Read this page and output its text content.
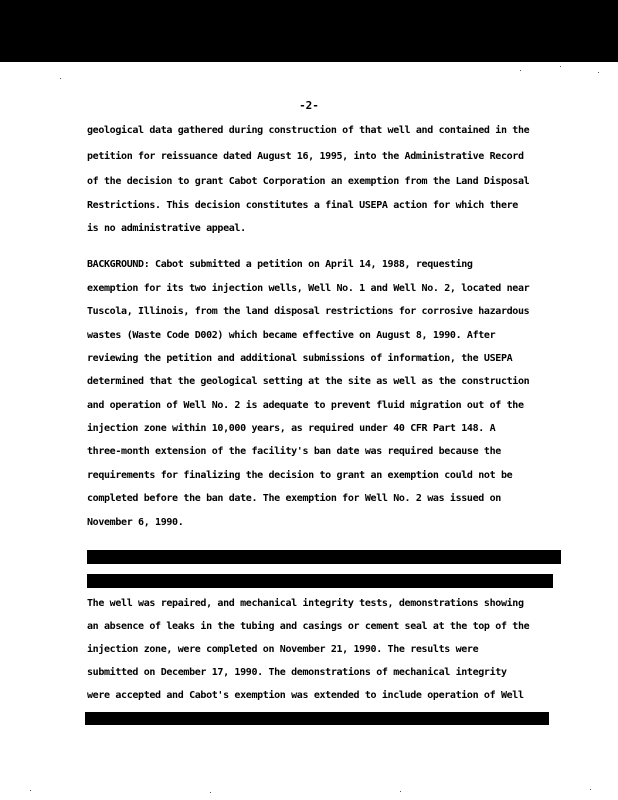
-2-
geological data gathered during construction of that well and contained in the
petition for reissuance dated August 16, 1995, into the Administrative Record
of the decision to grant Cabot Corporation an exemption from the Land Disposal
Restrictions. This decision constitutes a final USEPA action for which there
is no administrative appeal.
BACKGROUND: Cabot submitted a petition on April 14, 1988, requesting
exemption for its two injection wells, Well No. 1 and Well No. 2, located near
Tuscola, Illinois, from the land disposal restrictions for corrosive hazardous
wastes (Waste Code D002) which became effective on August 8, 1990. After
reviewing the petition and additional submissions of information, the USEPA
determined that the geological setting at the site as well as the construction
and operation of Well No. 2 is adequate to prevent fluid migration out of the
injection zone within 10,000 years, as required under 40 CFR Part 148. A
three-month extension of the facility's ban date was required because the
requirements for finalizing the decision to grant an exemption could not be
completed before the ban date. The exemption for Well No. 2 was issued on
November 6, 1990.
The well was repaired, and mechanical integrity tests, demonstrations showing
an absence of leaks in the tubing and casings or cement seal at the top of the
injection zone, were completed on November 21, 1990. The results were
submitted on December 17, 1990. The demonstrations of mechanical integrity
were accepted and Cabot's exemption was extended to include operation of Well
